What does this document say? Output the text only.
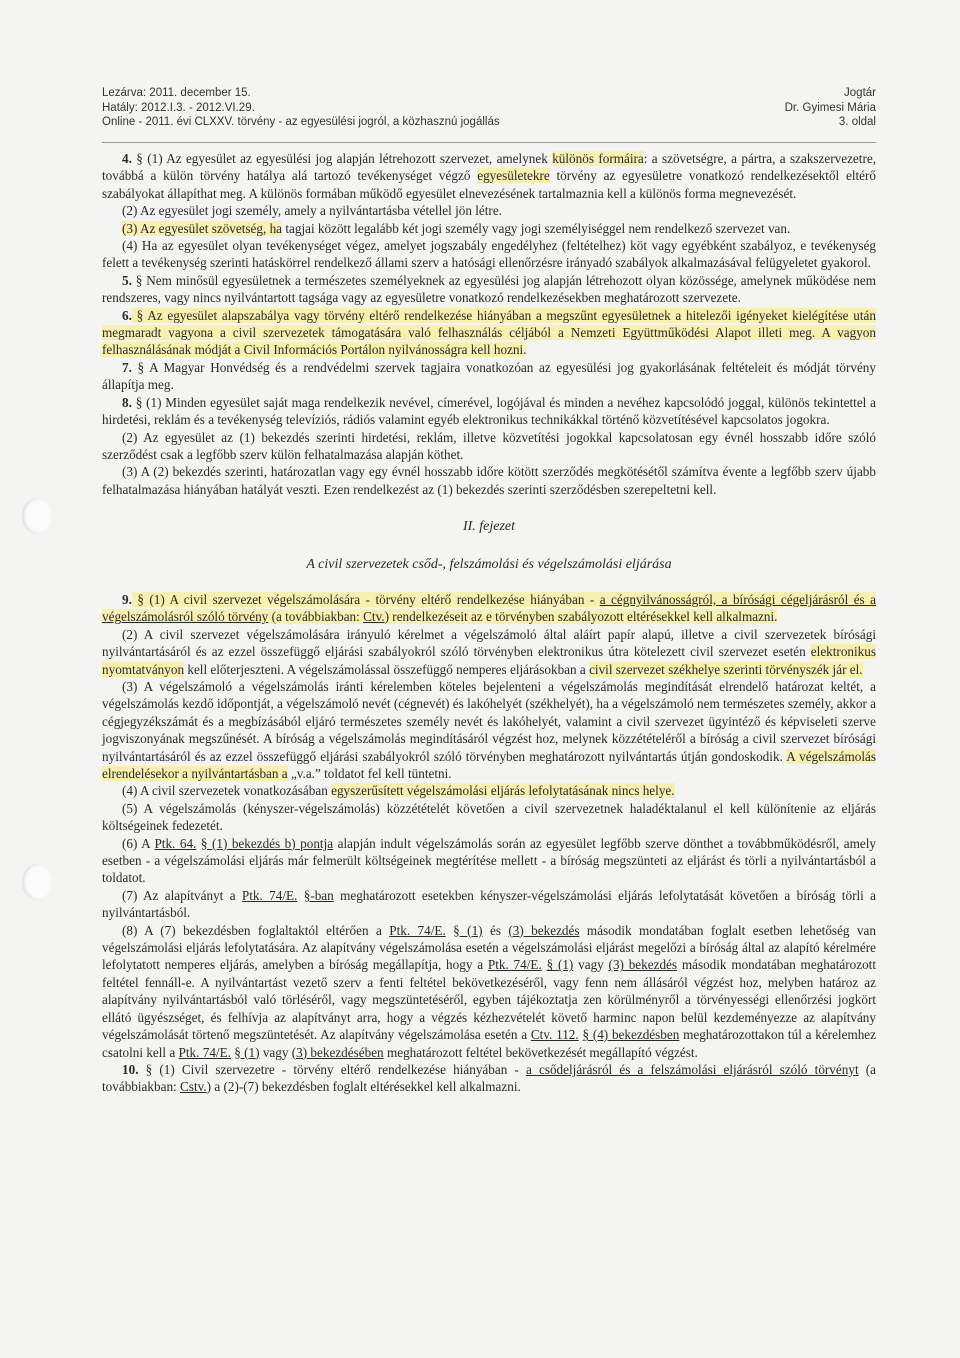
Lezárva: 2011. december 15.
Hatály: 2012.I.3. - 2012.VI.29.
Online - 2011. évi CLXXV. törvény - az egyesülési jogról, a közhasznú jogállás
Jogtár
Dr. Gyimesi Mária
3. oldal

4. § (1) Az egyesület az egyesülési jog alapján létrehozott szervezet, amelynek különös formáira: a szövetségre, a pártra, a szakszervezetre, továbbá a külön törvény hatálya alá tartozó tevékenységet végző egyesületekre törvény az egyesületre vonatkozó rendelkezésektől eltérő szabályokat állapíthat meg. A különös formában működő egyesület elnevezésének tartalmaznia kell a különös forma megnevezését.

(2) Az egyesület jogi személy, amely a nyilvántartásba vétellel jön létre.

(3) Az egyesület szövetség, ha tagjai között legalább két jogi személy vagy jogi személyiséggel nem rendelkező szervezet van.

(4) Ha az egyesület olyan tevékenységet végez, amelyet jogszabály engedélyhez (feltételhez) köt vagy egyébként szabályoz, e tevékenység felett a tevékenység szerinti hatáskörrel rendelkező állami szerv a hatósági ellenőrzésre irányadó szabályok alkalmazásával felügyeletet gyakorol.

5. § Nem minősül egyesületnek a természetes személyeknek az egyesülési jog alapján létrehozott olyan közössége, amelynek működése nem rendszeres, vagy nincs nyilvántartott tagsága vagy az egyesületre vonatkozó rendelkezésekben meghatározott szervezete.

6. § Az egyesület alapszabálya vagy törvény eltérő rendelkezése hiányában a megszűnt egyesületnek a hitelezői igényeket kielégítése után megmaradt vagyona a civil szervezetek támogatására való felhasználás céljából a Nemzeti Együttműködési Alapot illeti meg. A vagyon felhasználásának módját a Civil Információs Portálon nyilvánosságra kell hozni.

7. § A Magyar Honvédség és a rendvédelmi szervek tagjaira vonatkozóan az egyesülési jog gyakorlásának feltételeit és módját törvény állapítja meg.

8. § (1) Minden egyesület saját maga rendelkezik nevével, címerével, logójával és minden a nevéhez kapcsolódó joggal, különös tekintettel a hirdetési, reklám és a tevékenység televíziós, rádiós valamint egyéb elektronikus technikákkal történő közvetítésével kapcsolatos jogokra.

(2) Az egyesület az (1) bekezdés szerinti hirdetési, reklám, illetve közvetítési jogokkal kapcsolatosan egy évnél hosszabb időre szóló szerződést csak a legfőbb szerv külön felhatalmazása alapján köthet.

(3) A (2) bekezdés szerinti, határozatlan vagy egy évnél hosszabb időre kötött szerződés megkötésétől számítva évente a legfőbb szerv újabb felhatalmazása hiányában hatályát veszti. Ezen rendelkezést az (1) bekezdés szerinti szerződésben szerepeltetni kell.

II. fejezet

A civil szervezetek csőd-, felszámolási és végelszámolási eljárása

9. § (1) A civil szervezet végelszámolására - törvény eltérő rendelkezése hiányában - a cégnyilvánosságról, a bírósági cégeljárásról és a végelszámolásról szóló törvény (a továbbiakban: Ctv.) rendelkezéseit az e törvényben szabályozott eltérésekkel kell alkalmazni.

(2) A civil szervezet végelszámolására irányuló kérelmet a végelszámoló által aláírt papír alapú, illetve a civil szervezetek bírósági nyilvántartásáról és az ezzel összefüggő eljárási szabályokról szóló törvényben elektronikus útra kötelezett civil szervezet esetén elektronikus nyomtatványon kell előterjeszteni. A végelszámolással összefüggő nemperes eljárásokban a civil szervezet székhelye szerinti törvényszék jár el.

(3) A végelszámoló a végelszámolás iránti kérelemben köteles bejelenteni a végelszámolás megindítását elrendelő határozat keltét, a végelszámolás kezdő időpontját, a végelszámoló nevét (cégnevét) és lakóhelyét (székhelyét), ha a végelszámoló nem természetes személy, akkor a cégjegyzékszámát és a megbízásából eljáró természetes személy nevét és lakóhelyét, valamint a civil szervezet ügyintéző és képviseleti szerve jogviszonyának megszűnését. A bíróság a végelszámolás megindításáról végzést hoz, melynek közzétételéről a bíróság a civil szervezet bírósági nyilvántartásáról és az ezzel összefüggő eljárási szabályokról szóló törvényben meghatározott nyilvántartás útján gondoskodik. A végelszámolás elrendelésekor a nyilvántartásban a „v.a.” toldatot fel kell tüntetni.

(4) A civil szervezetek vonatkozásában egyszerűsített végelszámolási eljárás lefolytatásának nincs helye.

(5) A végelszámolás (kényszer-végelszámolás) közzétételét követően a civil szervezetnek haladéktalanul el kell különítenie az eljárás költségeinek fedezetét.

(6) A Ptk. 64. § (1) bekezdés b) pontja alapján indult végelszámolás során az egyesület legfőbb szerve dönthet a továbbműködésről, amely esetben - a végelszámolási eljárás már felmerült költségeinek megtérítése mellett - a bíróság megszünteti az eljárást és törli a nyilvántartásból a toldatot.

(7) Az alapítványt a Ptk. 74/E. §-ban meghatározott esetekben kényszer-végelszámolási eljárás lefolytatását követően a bíróság törli a nyilvántartásból.

(8) A (7) bekezdésben foglaltaktól eltérően a Ptk. 74/E. § (1) és (3) bekezdés második mondatában foglalt esetben lehetőség van végelszámolási eljárás lefolytatására. Az alapítvány végelszámolása esetén a végelszámolási eljárást megelőzi a bíróság által az alapító kérelmére lefolytatott nemperes eljárás, amelyben a bíróság megállapítja, hogy a Ptk. 74/E. § (1) vagy (3) bekezdés második mondatában meghatározott feltétel fennáll-e. A nyilvántartást vezető szerv a fenti feltétel bekövetkezéséről, vagy fenn nem állásáról végzést hoz, melyben határoz az alapítvány nyilvántartásból való törléséről, vagy megszüntetéséről, egyben tájékoztatja zen körülményről a törvényességi ellenőrzési jogkört ellátó ügyészséget, és felhívja az alapítványt arra, hogy a végzés kézhezvételét követő harminc napon belül kezdeményezze az alapítvány végelszámolását törtenő megszüntetését. Az alapítvány végelszámolása esetén a Ctv. 112. § (4) bekezdésben meghatározottakon túl a kérelemhez csatolni kell a Ptk. 74/E. § (1) vagy (3) bekezdésében meghatározott feltétel bekövetkezését megállapító végzést.

10. § (1) Civil szervezetre - törvény eltérő rendelkezése hiányában - a csődeljárásról és a felszámolási eljárásról szóló törvényt (a továbbiakban: Cstv.) a (2)-(7) bekezdésben foglalt eltérésekkel kell alkalmazni.
